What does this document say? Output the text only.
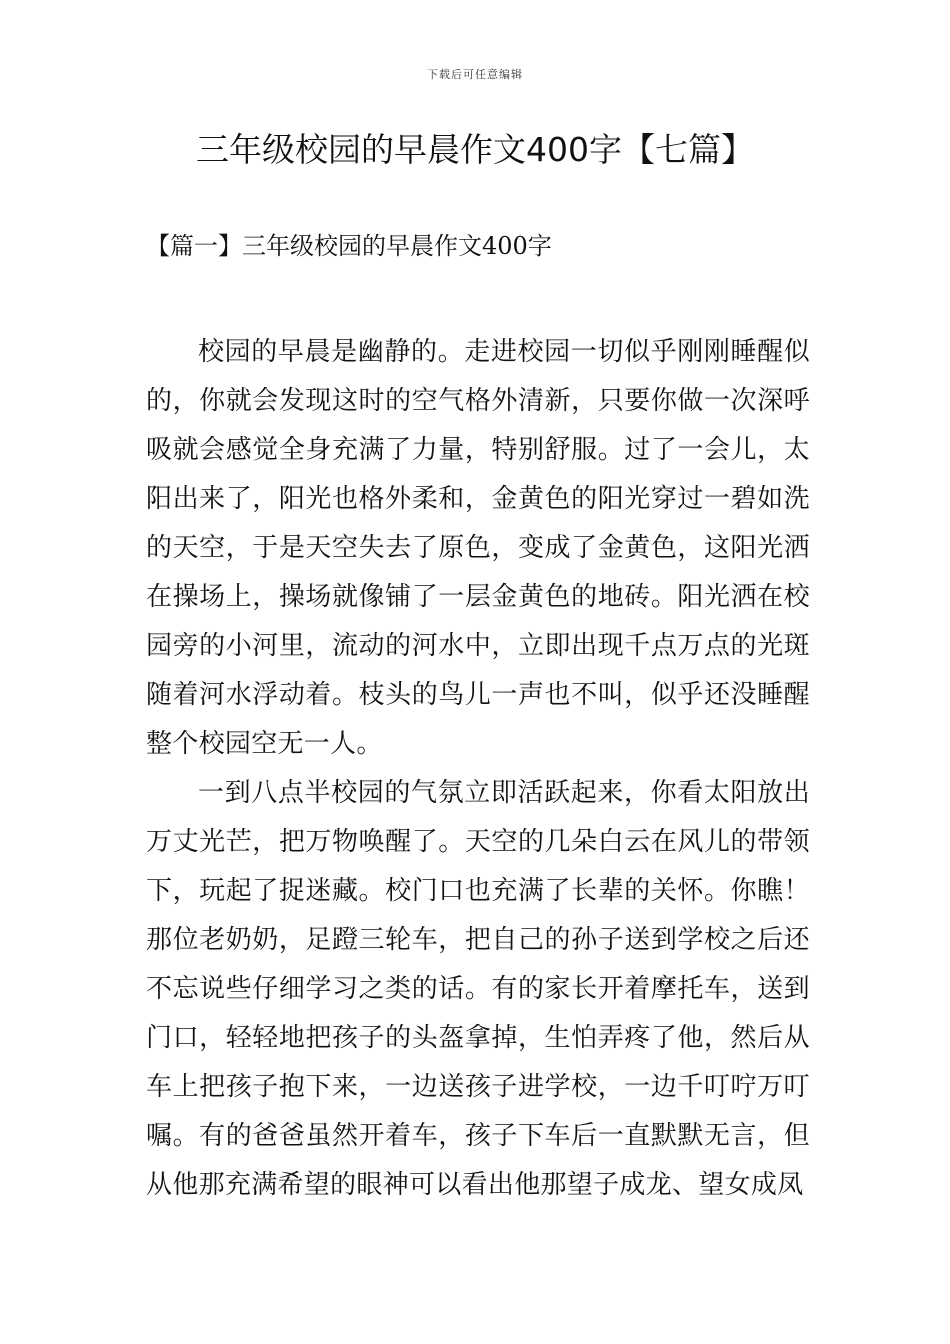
下载后可任意编辑
三年级校园的早晨作文400字【七篇】
【篇一】三年级校园的早晨作文400字

校园的早晨是幽静的。走进校园一切似乎刚刚睡醒似的，你就会发现这时的空气格外清新，只要你做一次深呼吸就会感觉全身充满了力量，特别舒服。过了一会儿，太阳出来了，阳光也格外柔和，金黄色的阳光穿过一碧如洗的天空，于是天空失去了原色，变成了金黄色，这阳光洒在操场上，操场就像铺了一层金黄色的地砖。阳光洒在校园旁的小河里，流动的河水中，立即出现千点万点的光斑随着河水浮动着。枝头的鸟儿一声也不叫，似乎还没睡醒整个校园空无一人。

一到八点半校园的气氛立即活跃起来，你看太阳放出万丈光芒，把万物唤醒了。天空的几朵白云在风儿的带领下，玩起了捉迷藏。校门口也充满了长辈的关怀。你瞧！那位老奶奶，足蹬三轮车，把自己的孙子送到学校之后还不忘说些仔细学习之类的话。有的家长开着摩托车，送到门口，轻轻地把孩子的头盔拿掉，生怕弄疼了他，然后从车上把孩子抱下来，一边送孩子进学校，一边千叮咛万叮嘱。有的爸爸虽然开着车，孩子下车后一直默默无言，但从他那充满希望的眼神可以看出他那望子成龙、望女成凤
